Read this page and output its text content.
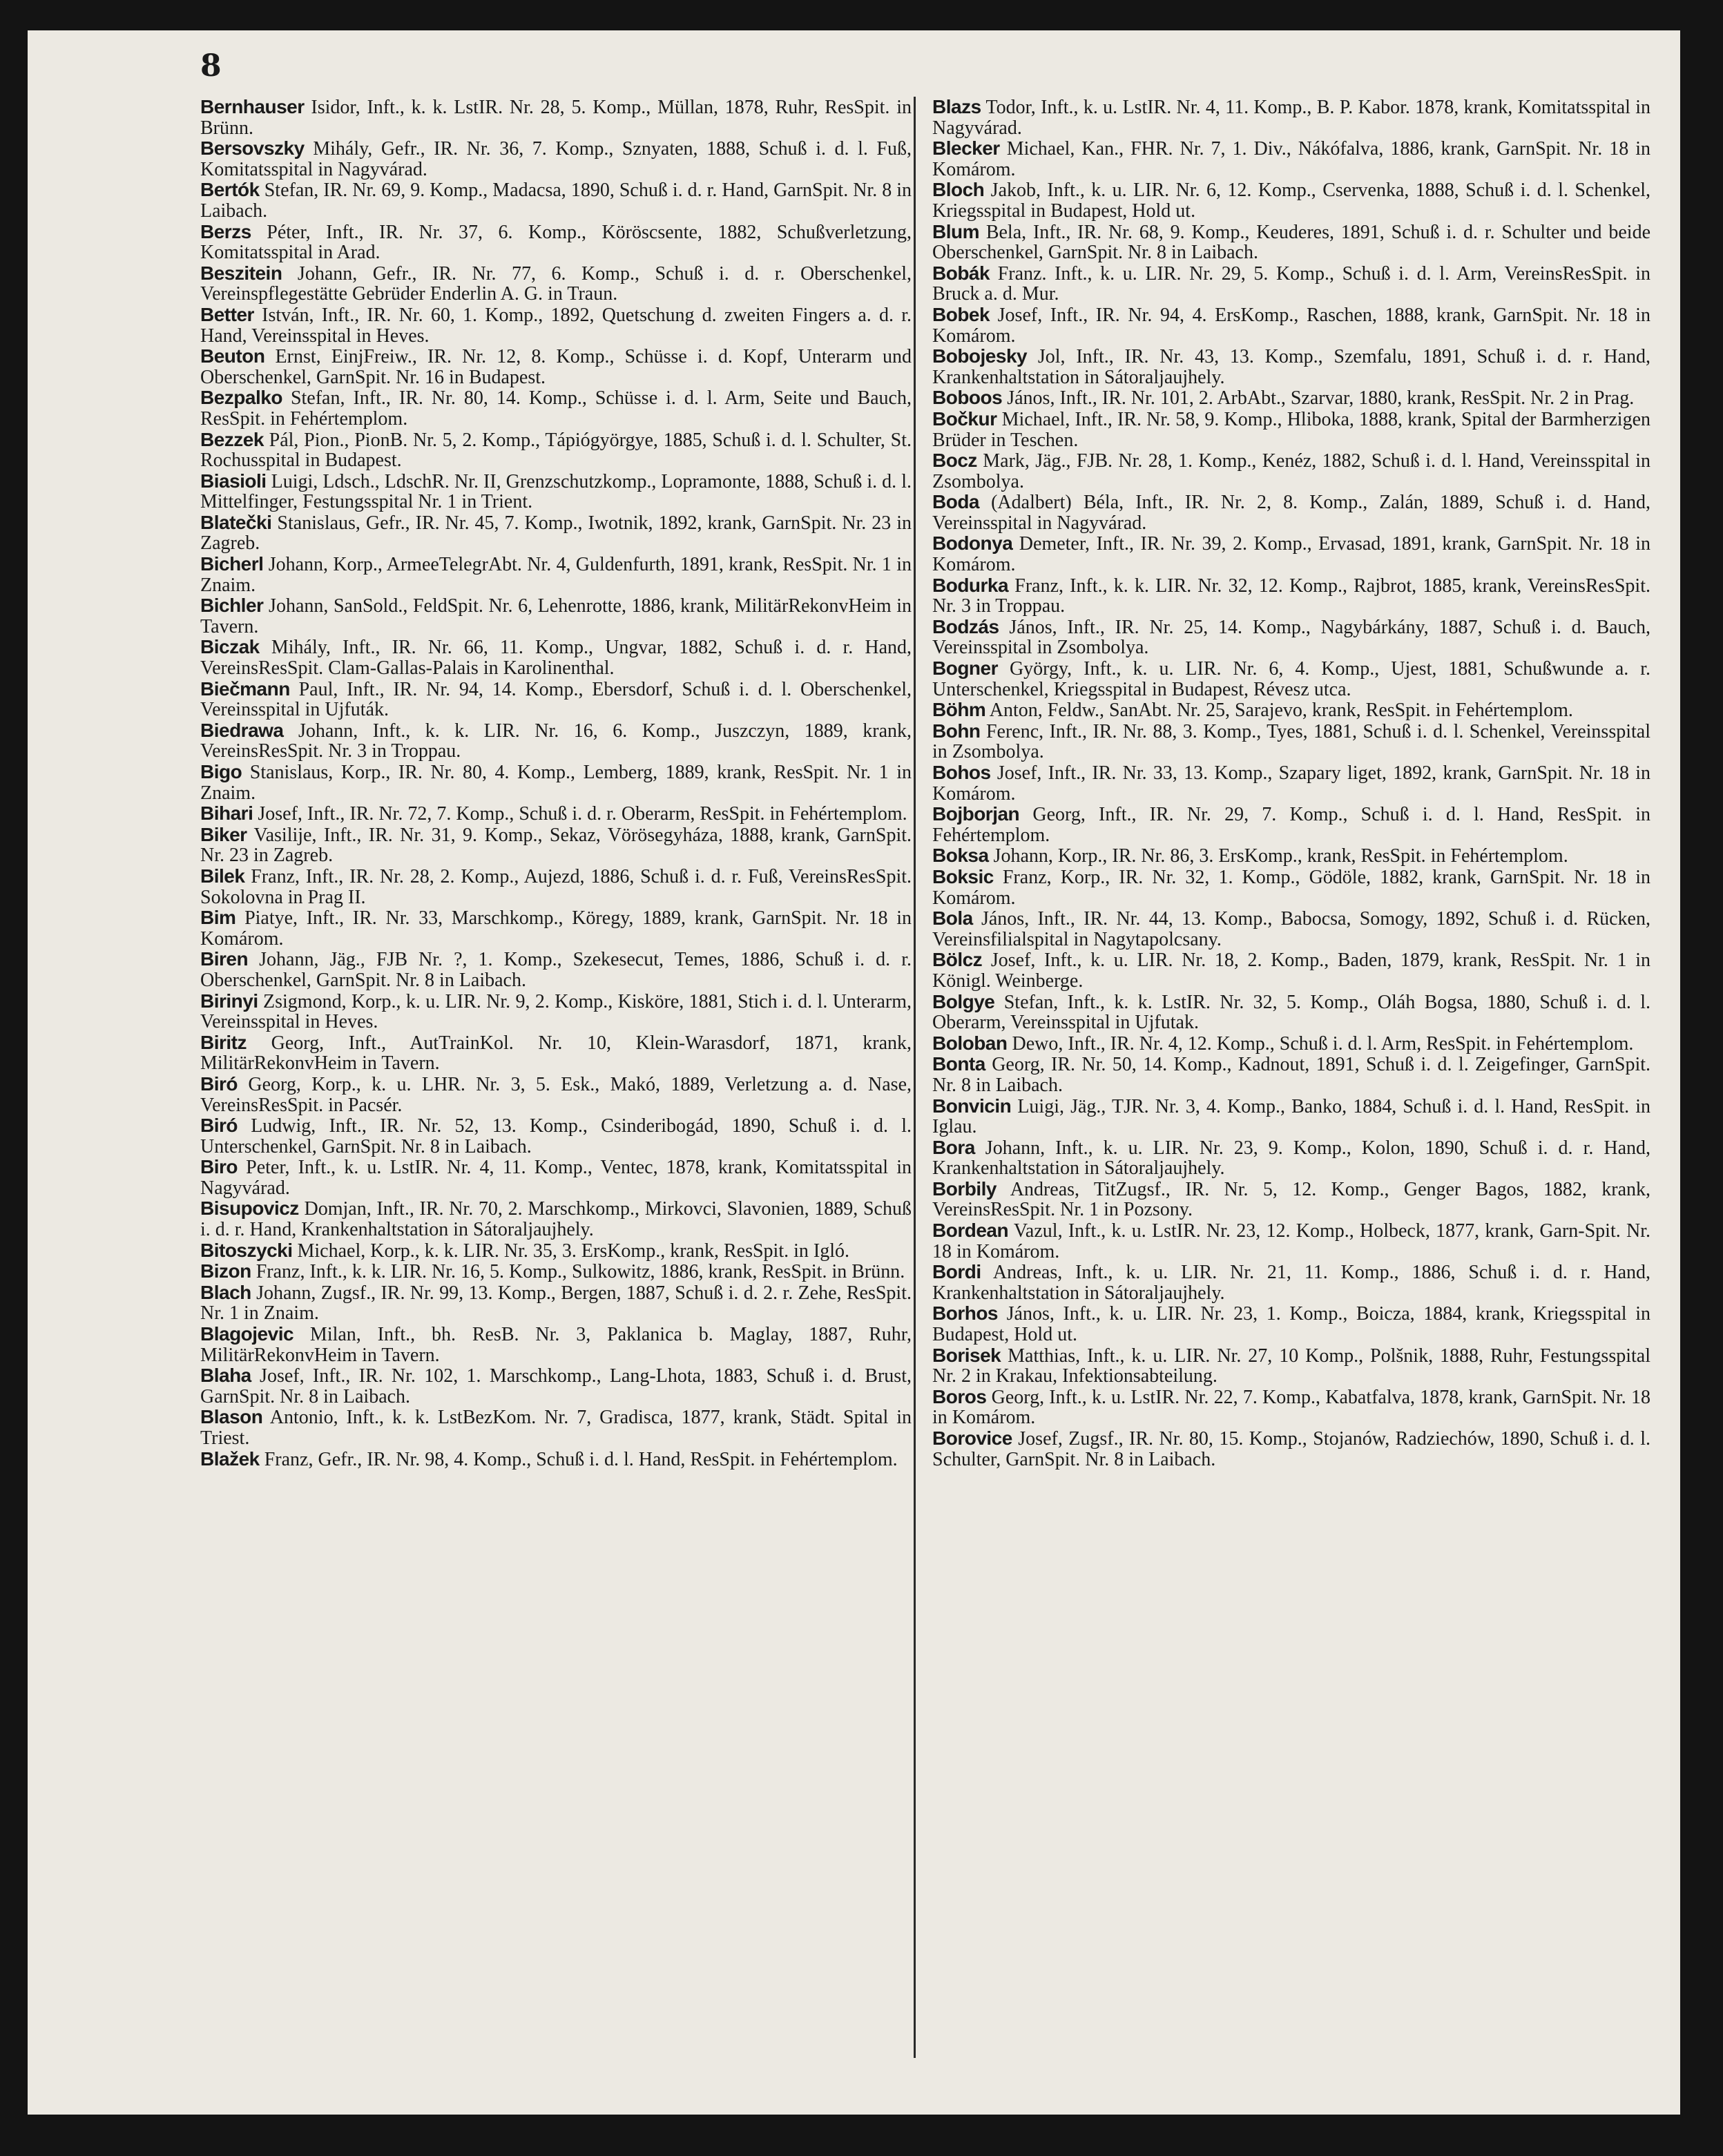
8
Bernhauser Isidor, Inft., k. k. LstIR. Nr. 28, 5. Komp., Müllan, 1878, Ruhr, ResSpit. in Brünn.
Bersovszky Mihály, Gefr., IR. Nr. 36, 7. Komp., Sznyaten, 1888, Schuß i. d. l. Fuß, Komitatsspital in Nagyvárad.
Bertók Stefan, IR. Nr. 69, 9. Komp., Madacsa, 1890, Schuß i. d. r. Hand, GarnSpit. Nr. 8 in Laibach.
Berzs Péter, Inft., IR. Nr. 37, 6. Komp., Köröscsente, 1882, Schußverletzung, Komitatsspital in Arad.
Beszitein Johann, Gefr., IR. Nr. 77, 6. Komp., Schuß i. d. r. Oberschenkel, Vereinspflegestätte Gebrüder Enderlin A. G. in Traun.
Better István, Inft., IR. Nr. 60, 1. Komp., 1892, Quetschung d. zweiten Fingers a. d. r. Hand, Vereinsspital in Heves.
Beuton Ernst, EinjFreiw., IR. Nr. 12, 8. Komp., Schüsse i. d. Kopf, Unterarm und Oberschenkel, GarnSpit. Nr. 16 in Budapest.
Bezpalko Stefan, Inft., IR. Nr. 80, 14. Komp., Schüsse i. d. l. Arm, Seite und Bauch, ResSpit. in Fehértemplom.
Bezzek Pál, Pion., PionB. Nr. 5, 2. Komp., Tápiógyörgye, 1885, Schuß i. d. l. Schulter, St. Rochusspital in Budapest.
Biasioli Luigi, Ldsch., LdschR. Nr. II, Grenzschutzkomp., Lopramonte, 1888, Schuß i. d. l. Mittelfinger, Festungsspital Nr. 1 in Trient.
Blatečki Stanislaus, Gefr., IR. Nr. 45, 7. Komp., Iwotnik, 1892, krank, GarnSpit. Nr. 23 in Zagreb.
Bicherl Johann, Korp., ArmeeTelegrAbt. Nr. 4, Guldenfurth, 1891, krank, ResSpit. Nr. 1 in Znaim.
Bichler Johann, SanSold., FeldSpit. Nr. 6, Lehenrotte, 1886, krank, MilitärRekonvHeim in Tavern.
Biczak Mihály, Inft., IR. Nr. 66, 11. Komp., Ungvar, 1882, Schuß i. d. r. Hand, VereinsResSpit. Clam-Gallas-Palais in Karolinenthal.
Biečmann Paul, Inft., IR. Nr. 94, 14. Komp., Ebersdorf, Schuß i. d. l. Oberschenkel, Vereinsspital in Ujfuták.
Biedrawa Johann, Inft., k. k. LIR. Nr. 16, 6. Komp., Juszczyn, 1889, krank, VereinsResSpit. Nr. 3 in Troppau.
Bigo Stanislaus, Korp., IR. Nr. 80, 4. Komp., Lemberg, 1889, krank, ResSpit. Nr. 1 in Znaim.
Bihari Josef, Inft., IR. Nr. 72, 7. Komp., Schuß i. d. r. Oberarm, ResSpit. in Fehértemplom.
Biker Vasilije, Inft., IR. Nr. 31, 9. Komp., Sekaz, Vörösegyháza, 1888, krank, GarnSpit. Nr. 23 in Zagreb.
Bilek Franz, Inft., IR. Nr. 28, 2. Komp., Aujezd, 1886, Schuß i. d. r. Fuß, VereinsResSpit. Sokolovna in Prag II.
Bim Piatye, Inft., IR. Nr. 33, Marschkomp., Köregy, 1889, krank, GarnSpit. Nr. 18 in Komárom.
Biren Johann, Jäg., FJB Nr. ?, 1. Komp., Szekesecut, Temes, 1886, Schuß i. d. r. Oberschenkel, GarnSpit. Nr. 8 in Laibach.
Birinyi Zsigmond, Korp., k. u. LIR. Nr. 9, 2. Komp., Kisköre, 1881, Stich i. d. l. Unterarm, Vereinsspital in Heves.
Biritz Georg, Inft., AutTrainKol. Nr. 10, Klein-Warasdorf, 1871, krank, MilitärRekonvHeim in Tavern.
Biró Georg, Korp., k. u. LHR. Nr. 3, 5. Esk., Makó, 1889, Verletzung a. d. Nase, VereinsResSpit. in Pacsér.
Biró Ludwig, Inft., IR. Nr. 52, 13. Komp., Csinderibogád, 1890, Schuß i. d. l. Unterschenkel, GarnSpit. Nr. 8 in Laibach.
Biro Peter, Inft., k. u. LstIR. Nr. 4, 11. Komp., Ventec, 1878, krank, Komitatsspital in Nagyvárad.
Bisupovicz Domjan, Inft., IR. Nr. 70, 2. Marschkomp., Mirkovci, Slavonien, 1889, Schuß i. d. r. Hand, Krankenhaltstation in Sátoraljaujhely.
Bitoszycki Michael, Korp., k. k. LIR. Nr. 35, 3. ErsKomp., krank, ResSpit. in Igló.
Bizon Franz, Inft., k. k. LIR. Nr. 16, 5. Komp., Sulkowitz, 1886, krank, ResSpit. in Brünn.
Blach Johann, Zugsf., IR. Nr. 99, 13. Komp., Bergen, 1887, Schuß i. d. 2. r. Zehe, ResSpit. Nr. 1 in Znaim.
Blagojevic Milan, Inft., bh. ResB. Nr. 3, Paklanica b. Maglay, 1887, Ruhr, MilitärRekonvHeim in Tavern.
Blaha Josef, Inft., IR. Nr. 102, 1. Marschkomp., Lang-Lhota, 1883, Schuß i. d. Brust, GarnSpit. Nr. 8 in Laibach.
Blason Antonio, Inft., k. k. LstBezKom. Nr. 7, Gradisca, 1877, krank, Städt. Spital in Triest.
Blažek Franz, Gefr., IR. Nr. 98, 4. Komp., Schuß i. d. l. Hand, ResSpit. in Fehértemplom.
Blazs Todor, Inft., k. u. LstIR. Nr. 4, 11. Komp., B. P. Kabor. 1878, krank, Komitatsspital in Nagyvárad.
Blecker Michael, Kan., FHR. Nr. 7, 1. Div., Nákófalva, 1886, krank, GarnSpit. Nr. 18 in Komárom.
Bloch Jakob, Inft., k. u. LIR. Nr. 6, 12. Komp., Cservenka, 1888, Schuß i. d. l. Schenkel, Kriegsspital in Budapest, Hold ut.
Blum Bela, Inft., IR. Nr. 68, 9. Komp., Keuderes, 1891, Schuß i. d. r. Schulter und beide Oberschenkel, GarnSpit. Nr. 8 in Laibach.
Bobák Franz. Inft., k. u. LIR. Nr. 29, 5. Komp., Schuß i. d. l. Arm, VereinsResSpit. in Bruck a. d. Mur.
Bobek Josef, Inft., IR. Nr. 94, 4. ErsKomp., Raschen, 1888, krank, GarnSpit. Nr. 18 in Komárom.
Bobojesky Jol, Inft., IR. Nr. 43, 13. Komp., Szemfalu, 1891, Schuß i. d. r. Hand, Krankenhaltstation in Sátoraljaujhely.
Boboos János, Inft., IR. Nr. 101, 2. ArbAbt., Szarvar, 1880, krank, ResSpit. Nr. 2 in Prag.
Bočkur Michael, Inft., IR. Nr. 58, 9. Komp., Hliboka, 1888, krank, Spital der Barmherzigen Brüder in Teschen.
Bocz Mark, Jäg., FJB. Nr. 28, 1. Komp., Kenéz, 1882, Schuß i. d. l. Hand, Vereinsspital in Zsombolya.
Boda (Adalbert) Béla, Inft., IR. Nr. 2, 8. Komp., Zalán, 1889, Schuß i. d. Hand, Vereinsspital in Nagyvárad.
Bodonya Demeter, Inft., IR. Nr. 39, 2. Komp., Ervasad, 1891, krank, GarnSpit. Nr. 18 in Komárom.
Bodurka Franz, Inft., k. k. LIR. Nr. 32, 12. Komp., Rajbrot, 1885, krank, VereinsResSpit. Nr. 3 in Troppau.
Bodzás János, Inft., IR. Nr. 25, 14. Komp., Nagybárkány, 1887, Schuß i. d. Bauch, Vereinsspital in Zsombolya.
Bogner György, Inft., k. u. LIR. Nr. 6, 4. Komp., Ujest, 1881, Schußwunde a. r. Unterschenkel, Kriegsspital in Budapest, Révesz utca.
Böhm Anton, Feldw., SanAbt. Nr. 25, Sarajevo, krank, ResSpit. in Fehértemplom.
Bohn Ferenc, Inft., IR. Nr. 88, 3. Komp., Tyes, 1881, Schuß i. d. l. Schenkel, Vereinsspital in Zsombolya.
Bohos Josef, Inft., IR. Nr. 33, 13. Komp., Szapary liget, 1892, krank, GarnSpit. Nr. 18 in Komárom.
Bojborjan Georg, Inft., IR. Nr. 29, 7. Komp., Schuß i. d. l. Hand, ResSpit. in Fehértemplom.
Boksa Johann, Korp., IR. Nr. 86, 3. ErsKomp., krank, ResSpit. in Fehértemplom.
Boksic Franz, Korp., IR. Nr. 32, 1. Komp., Gödöle, 1882, krank, GarnSpit. Nr. 18 in Komárom.
Bola János, Inft., IR. Nr. 44, 13. Komp., Babocsa, Somogy, 1892, Schuß i. d. Rücken, Vereinsfilialspital in Nagytapolcsany.
Bölcz Josef, Inft., k. u. LIR. Nr. 18, 2. Komp., Baden, 1879, krank, ResSpit. Nr. 1 in Königl. Weinberge.
Bolgye Stefan, Inft., k. k. LstIR. Nr. 32, 5. Komp., Oláh Bogsa, 1880, Schuß i. d. l. Oberarm, Vereinsspital in Ujfutak.
Boloban Dewo, Inft., IR. Nr. 4, 12. Komp., Schuß i. d. l. Arm, ResSpit. in Fehértemplom.
Bonta Georg, IR. Nr. 50, 14. Komp., Kadnout, 1891, Schuß i. d. l. Zeigefinger, GarnSpit. Nr. 8 in Laibach.
Bonvicin Luigi, Jäg., TJR. Nr. 3, 4. Komp., Banko, 1884, Schuß i. d. l. Hand, ResSpit. in Iglau.
Bora Johann, Inft., k. u. LIR. Nr. 23, 9. Komp., Kolon, 1890, Schuß i. d. r. Hand, Krankenhaltstation in Sátoraljaujhely.
Borbily Andreas, TitZugsf., IR. Nr. 5, 12. Komp., Genger Bagos, 1882, krank, VereinsResSpit. Nr. 1 in Pozsony.
Bordean Vazul, Inft., k. u. LstIR. Nr. 23, 12. Komp., Holbeck, 1877, krank, Garn-Spit. Nr. 18 in Komárom.
Bordi Andreas, Inft., k. u. LIR. Nr. 21, 11. Komp., 1886, Schuß i. d. r. Hand, Krankenhaltstation in Sátoraljaujhely.
Borhos János, Inft., k. u. LIR. Nr. 23, 1. Komp., Boicza, 1884, krank, Kriegsspital in Budapest, Hold ut.
Borisek Matthias, Inft., k. u. LIR. Nr. 27, 10 Komp., Polšnik, 1888, Ruhr, Festungsspital Nr. 2 in Krakau, Infektionsabteilung.
Boros Georg, Inft., k. u. LstIR. Nr. 22, 7. Komp., Kabatfalva, 1878, krank, GarnSpit. Nr. 18 in Komárom.
Borovice Josef, Zugsf., IR. Nr. 80, 15. Komp., Stojanów, Radziechów, 1890, Schuß i. d. l. Schulter, GarnSpit. Nr. 8 in Laibach.
